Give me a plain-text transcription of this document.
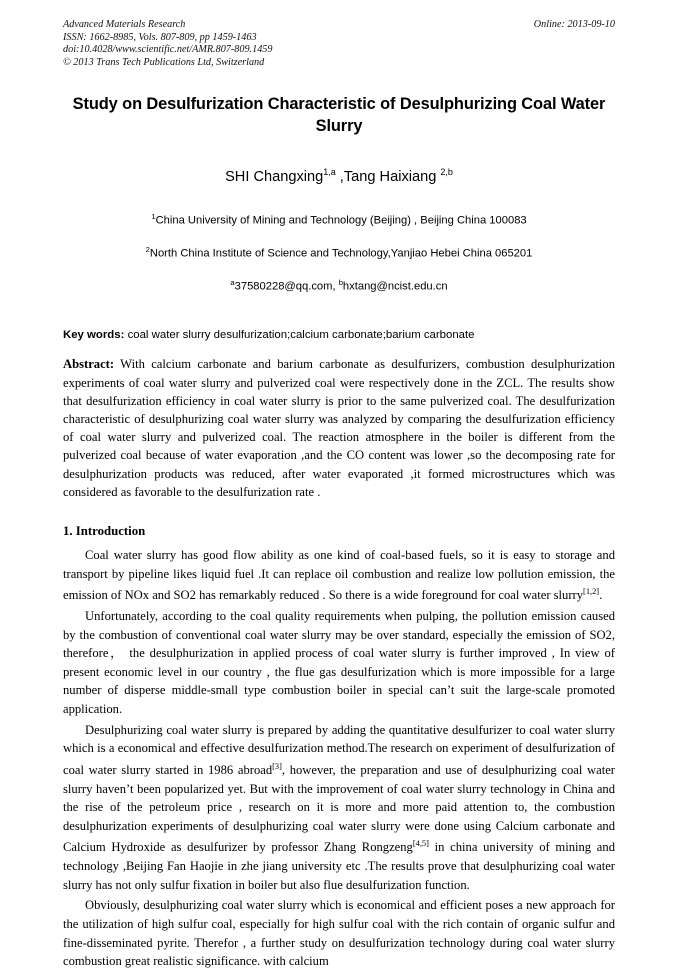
Online: 2013-09-10
Advanced Materials Research
ISSN: 1662-8985, Vols. 807-809, pp 1459-1463
doi:10.4028/www.scientific.net/AMR.807-809.1459
© 2013 Trans Tech Publications Ltd, Switzerland
Study on Desulfurization Characteristic of Desulphurizing Coal Water Slurry
SHI Changxing$^{1,a}$ ,Tang Haixiang $^{2,b}$
$^1$China University of Mining and Technology (Beijing) , Beijing China 100083
$^2$North China Institute of Science and Technology,Yanjiao Hebei China 065201
$^a$37580228@qq.com, $^b$hxtang@ncist.edu.cn
Key words: coal water slurry desulfurization;calcium carbonate;barium carbonate
Abstract: With calcium carbonate and barium carbonate as desulfurizers, combustion desulphurization experiments of coal water slurry and pulverized coal were respectively done in the ZCL. The results show that desulfurization efficiency in coal water slurry is prior to the same pulverized coal. The desulfurization characteristic of desulphurizing coal water slurry was analyzed by comparing the desulfurization efficiency of coal water slurry and pulverized coal. The reaction atmosphere in the boiler is different from the pulverized coal because of water evaporation ,and the CO content was lower ,so the decomposing rate for desulphurization products was reduced, after water evaporated ,it formed microstructures which was considered as favorable to the desulfurization rate .
1. Introduction
Coal water slurry has good flow ability as one kind of coal-based fuels, so it is easy to storage and transport by pipeline likes liquid fuel .It can replace oil combustion and realize low pollution emission, the emission of NOx and SO2 has remarkably reduced . So there is a wide foreground for coal water slurry[1,2].
Unfortunately, according to the coal quality requirements when pulping, the pollution emission caused by the combustion of conventional coal water slurry may be over standard, especially the emission of SO2, therefore， the desulphurization in applied process of coal water slurry is further improved , In view of present economic level in our country , the flue gas desulfurization which is more impossible for a large number of disperse middle-small type combustion boiler in special can’t suit the large-scale promoted application.
Desulphurizing coal water slurry is prepared by adding the quantitative desulfurizer to coal water slurry which is a economical and effective desulfurization method.The research on experiment of desulfurization of coal water slurry started in 1986 abroad[3], however, the preparation and use of desulphurizing coal water slurry haven’t been popularized yet. But with the improvement of coal water slurry technology in China and the rise of the petroleum price , research on it is more and more paid attention to, the combustion desulphurization experiments of desulphurizing coal water slurry were done using Calcium carbonate and Calcium Hydroxide as desulfurizer by professor Zhang Rongzeng[4,5] in china university of mining and technology ,Beijing Fan Haojie in zhe jiang university etc .The results prove that desulphurizing coal water slurry has not only sulfur fixation in boiler but also flue desulfurization function.
Obviously, desulphurizing coal water slurry which is economical and efficient poses a new approach for the utilization of high sulfur coal, especially for high sulfur coal with the rich contain of organic sulfur and fine-disseminated pyrite. Therefor , a further study on desulfurization technology during coal water slurry combustion great realistic significance. with calcium
